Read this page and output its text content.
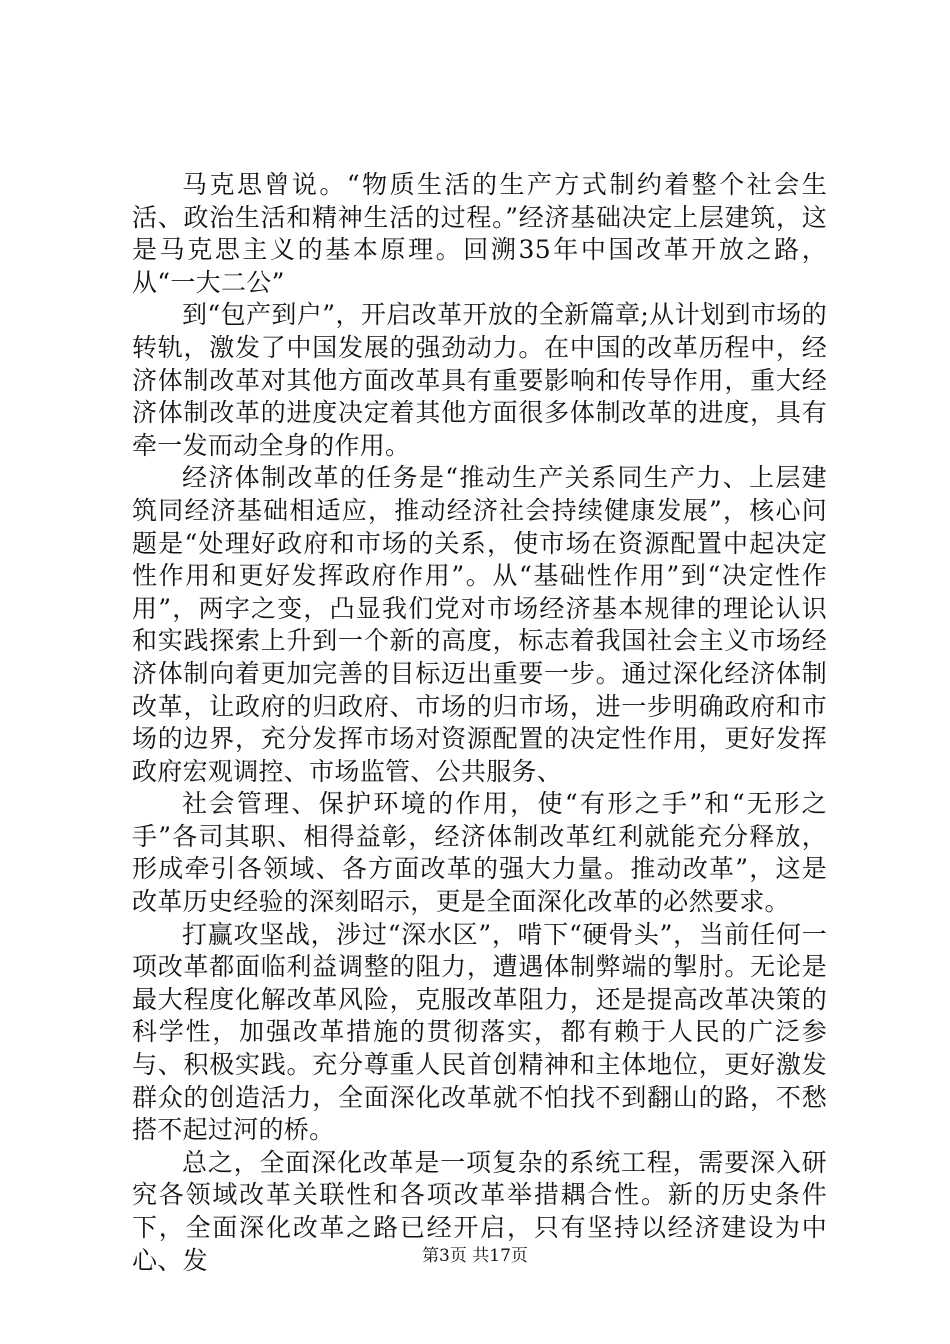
马克思曾说。“物质生活的生产方式制约着整个社会生活、政治生活和精神生活的过程。”经济基础决定上层建筑，这是马克思主义的基本原理。回溯35年中国改革开放之路，从“一大二公”

到“包产到户”，开启改革开放的全新篇章;从计划到市场的转轨，激发了中国发展的强劲动力。在中国的改革历程中，经济体制改革对其他方面改革具有重要影响和传导作用，重大经济体制改革的进度决定着其他方面很多体制改革的进度，具有牵一发而动全身的作用。

经济体制改革的任务是“推动生产关系同生产力、上层建筑同经济基础相适应，推动经济社会持续健康发展”，核心问题是“处理好政府和市场的关系，使市场在资源配置中起决定性作用和更好发挥政府作用”。从“基础性作用”到“决定性作用”，两字之变，凸显我们党对市场经济基本规律的理论认识和实践探索上升到一个新的高度，标志着我国社会主义市场经济体制向着更加完善的目标迈出重要一步。通过深化经济体制改革，让政府的归政府、市场的归市场，进一步明确政府和市场的边界，充分发挥市场对资源配置的决定性作用，更好发挥政府宏观调控、市场监管、公共服务、

社会管理、保护环境的作用，使“有形之手”和“无形之手”各司其职、相得益彰，经济体制改革红利就能充分释放，形成牵引各领域、各方面改革的强大力量。推动改革”，这是改革历史经验的深刻昭示，更是全面深化改革的必然要求。

打赢攻坚战，涉过“深水区”，啃下“硬骨头”，当前任何一项改革都面临利益调整的阻力，遭遇体制弊端的掣肘。无论是最大程度化解改革风险，克服改革阻力，还是提高改革决策的科学性，加强改革措施的贯彻落实，都有赖于人民的广泛参与、积极实践。充分尊重人民首创精神和主体地位，更好激发群众的创造活力，全面深化改革就不怕找不到翻山的路，不愁搭不起过河的桥。

总之，全面深化改革是一项复杂的系统工程，需要深入研究各领域改革关联性和各项改革举措耦合性。新的历史条件下，全面深化改革之路已经开启，只有坚持以经济建设为中心、发	第3页 共17页
